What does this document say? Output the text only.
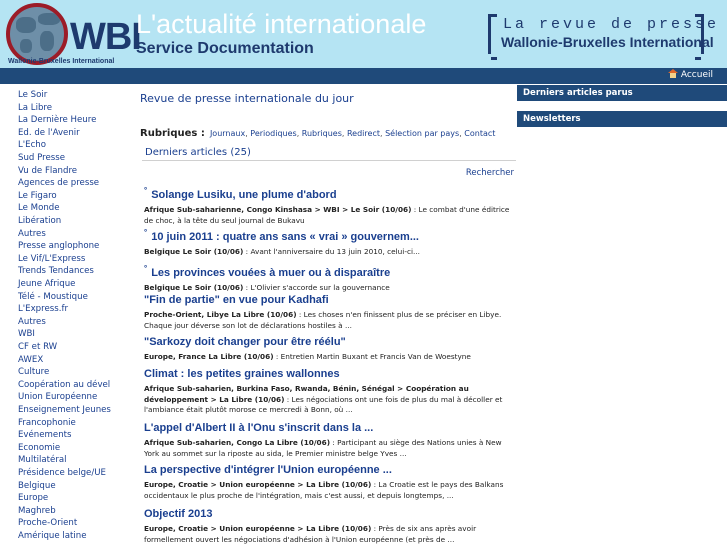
WBI
Wallonie-Bruxelles International
L'actualité internationale
Service Documentation
La revue de presse
Wallonie-Bruxelles International
Accueil
Le Soir
La Libre
La Dernière Heure
Ed. de l'Avenir
L'Echo
Sud Presse
Vu de Flandre
Agences de presse
Le Figaro
Le Monde
Libération
Autres
Presse anglophone
Le Vif/L'Express
Trends Tendances
Jeune Afrique
Télé - Moustique
L'Express.fr
Autres
WBI
CF et RW
AWEX
Culture
Coopération au dével
Union Européenne
Enseignement Jeunes
Francophonie
Evénements
Economie
Multilatéral
Présidence belge/UE
Belgique
Europe
Maghreb
Proche-Orient
Amérique latine
Revue de presse internationale du jour
Rubriques : Journaux, Periodiques, Rubriques, Redirect, Sélection par pays, Contact
Derniers articles (25)
Rechercher
° Solange Lusiku, une plume d'abord
Afrique Sub-saharienne, Congo Kinshasa > WBI > Le Soir (10/06) : Le combat d'une éditrice de choc, à la tête du seul journal de Bukavu
° 10 juin 2011 : quatre ans sans « vrai » gouvernem...
Belgique Le Soir (10/06) : Avant l'anniversaire du 13 juin 2010, celui-ci...
° Les provinces vouées à muer ou à disparaître
Belgique Le Soir (10/06) : L'Olivier s'accorde sur la gouvernance
"Fin de partie" en vue pour Kadhafi
Proche-Orient, Libye La Libre (10/06) : Les choses n'en finissent plus de se préciser en Libye. Chaque jour déverse son lot de déclarations hostiles à ...
"Sarkozy doit changer pour être réélu"
Europe, France La Libre (10/06) : Entretien Martin Buxant et Francis Van de Woestyne
Climat : les petites graines wallonnes
Afrique Sub-saharien, Burkina Faso, Rwanda, Bénin, Sénégal > Coopération au développement > La Libre (10/06) : Les négociations ont une fois de plus du mal à décoller et l'ambiance était plutôt morose ce mercredi à Bonn, où ...
L'appel d'Albert II à l'Onu s'inscrit dans la ...
Afrique Sub-saharien, Congo La Libre (10/06) : Participant au siège des Nations unies à New York au sommet sur la riposte au sida, le Premier ministre belge Yves ...
La perspective d'intégrer l'Union européenne ...
Europe, Croatie > Union européenne > La Libre (10/06) : La Croatie est le pays des Balkans occidentaux le plus proche de l'intégration, mais c'est aussi, et depuis longtemps, ...
Objectif 2013
Europe, Croatie > Union européenne > La Libre (10/06) : Près de six ans après avoir formellement ouvert les négociations d'adhésion à l'Union européenne (et près de ...
Derniers articles parus
Newsletters
